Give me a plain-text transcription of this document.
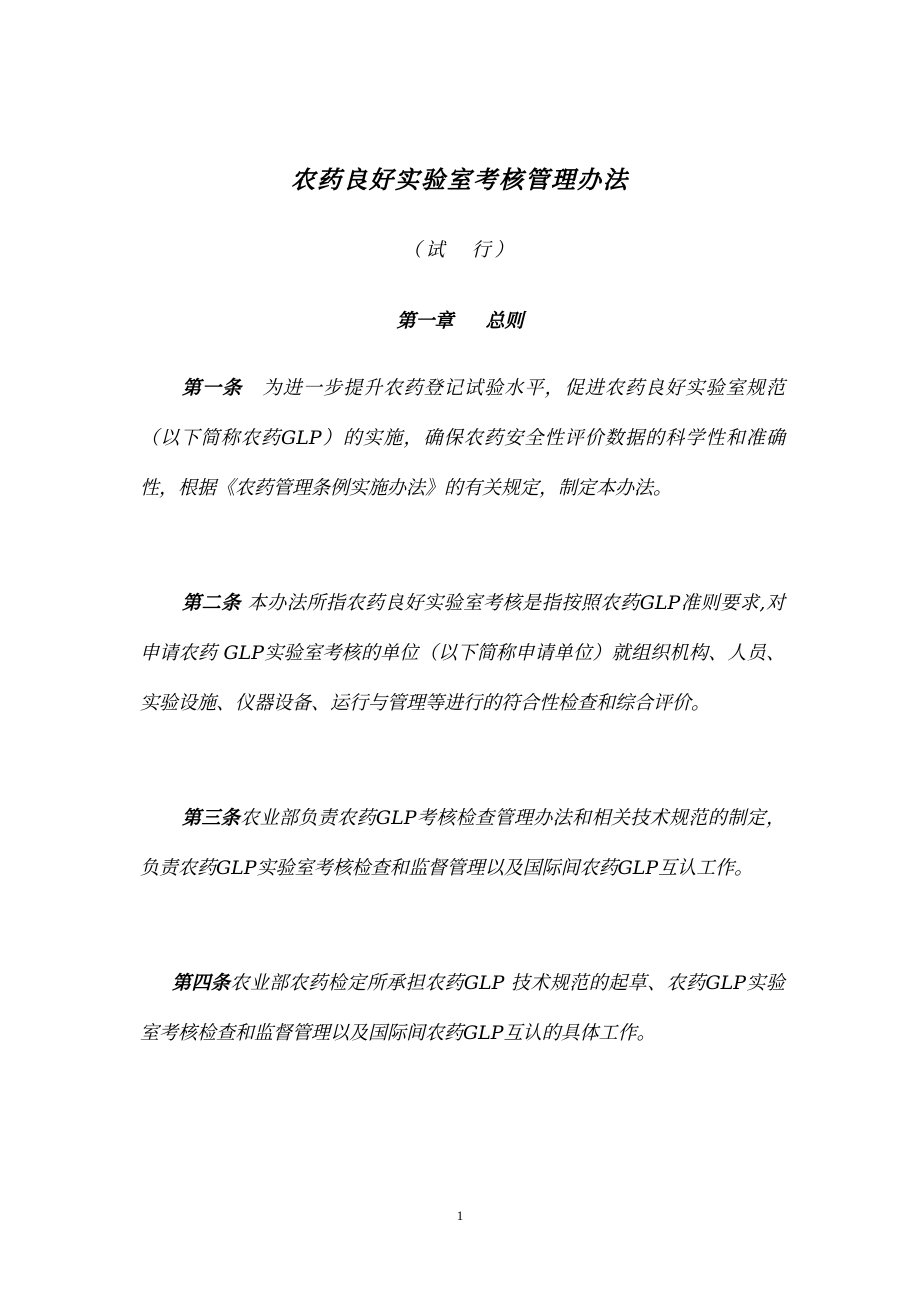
农药良好实验室考核管理办法
（试　行）
第一章 总则
第一条　为进一步提升农药登记试验水平，促进农药良好实验室规范（以下简称农药GLP）的实施，确保农药安全性评价数据的科学性和准确性，根据《农药管理条例实施办法》的有关规定，制定本办法。
第二条 本办法所指农药良好实验室考核是指按照农药GLP准则要求,对申请农药 GLP实验室考核的单位（以下简称申请单位）就组织机构、人员、实验设施、仪器设备、运行与管理等进行的符合性检查和综合评价。
第三条农业部负责农药GLP考核检查管理办法和相关技术规范的制定，负责农药GLP实验室考核检查和监督管理以及国际间农药GLP互认工作。
第四条农业部农药检定所承担农药GLP 技术规范的起草、农药GLP实验室考核检查和监督管理以及国际间农药GLP互认的具体工作。
1
